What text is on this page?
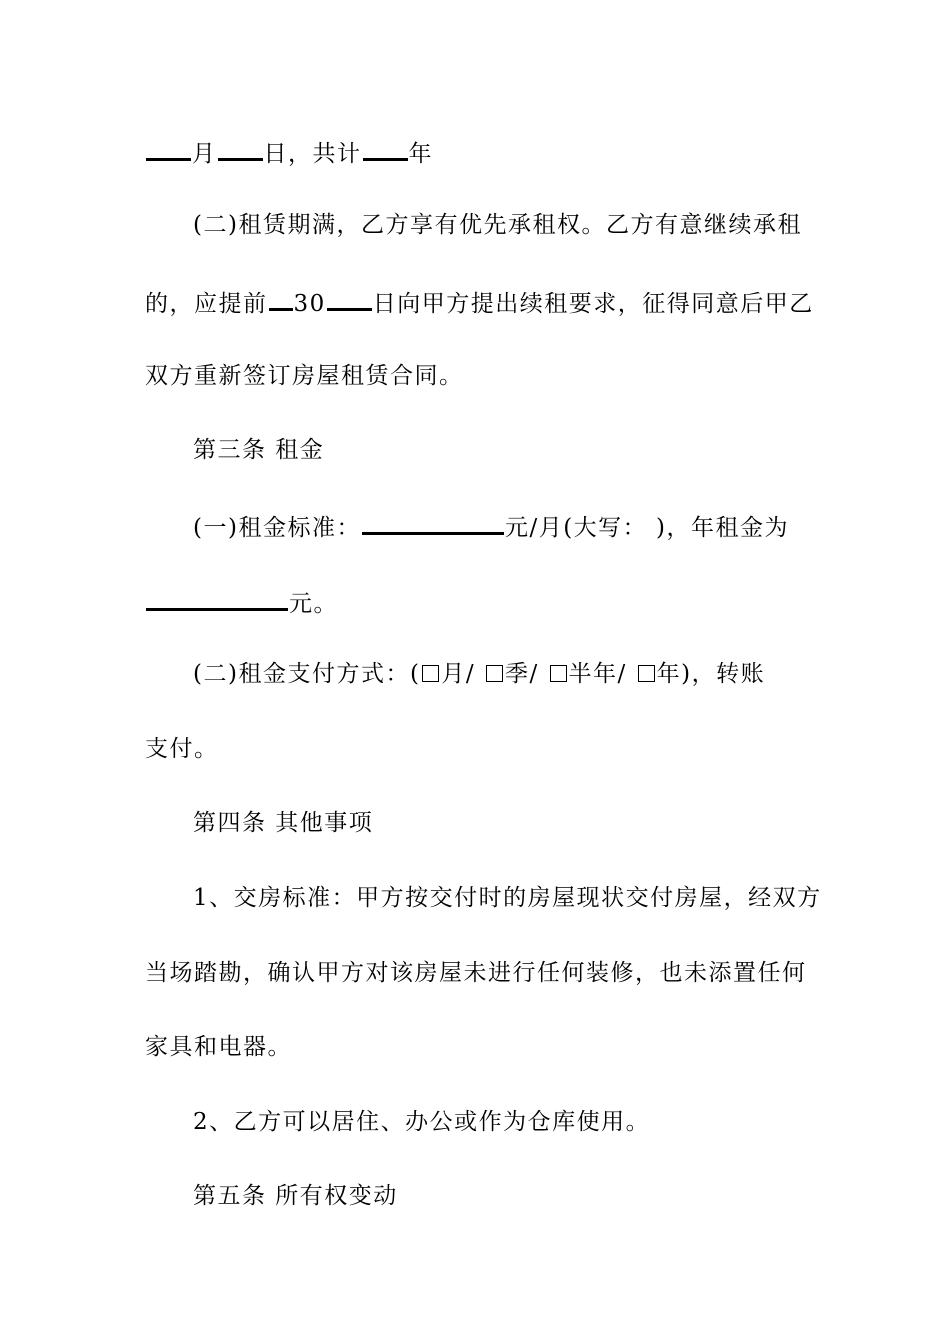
月 日，共计 年
(二)租赁期满，乙方享有优先承租权。乙方有意继续承租
的，应提前 30 日向甲方提出续租要求，征得同意后甲乙
双方重新签订房屋租赁合同。
第三条 租金
(一)租金标准：	元/月(大写： )，年租金为
元。
(二)租金支付方式：( 月/ 季/ 半年/ 年)，转账
支付。
第四条 其他事项
1、交房标准：甲方按交付时的房屋现状交付房屋，经双方
当场踏勘，确认甲方对该房屋未进行任何装修，也未添置任何
家具和电器。
2、乙方可以居住、办公或作为仓库使用。
第五条 所有权变动
